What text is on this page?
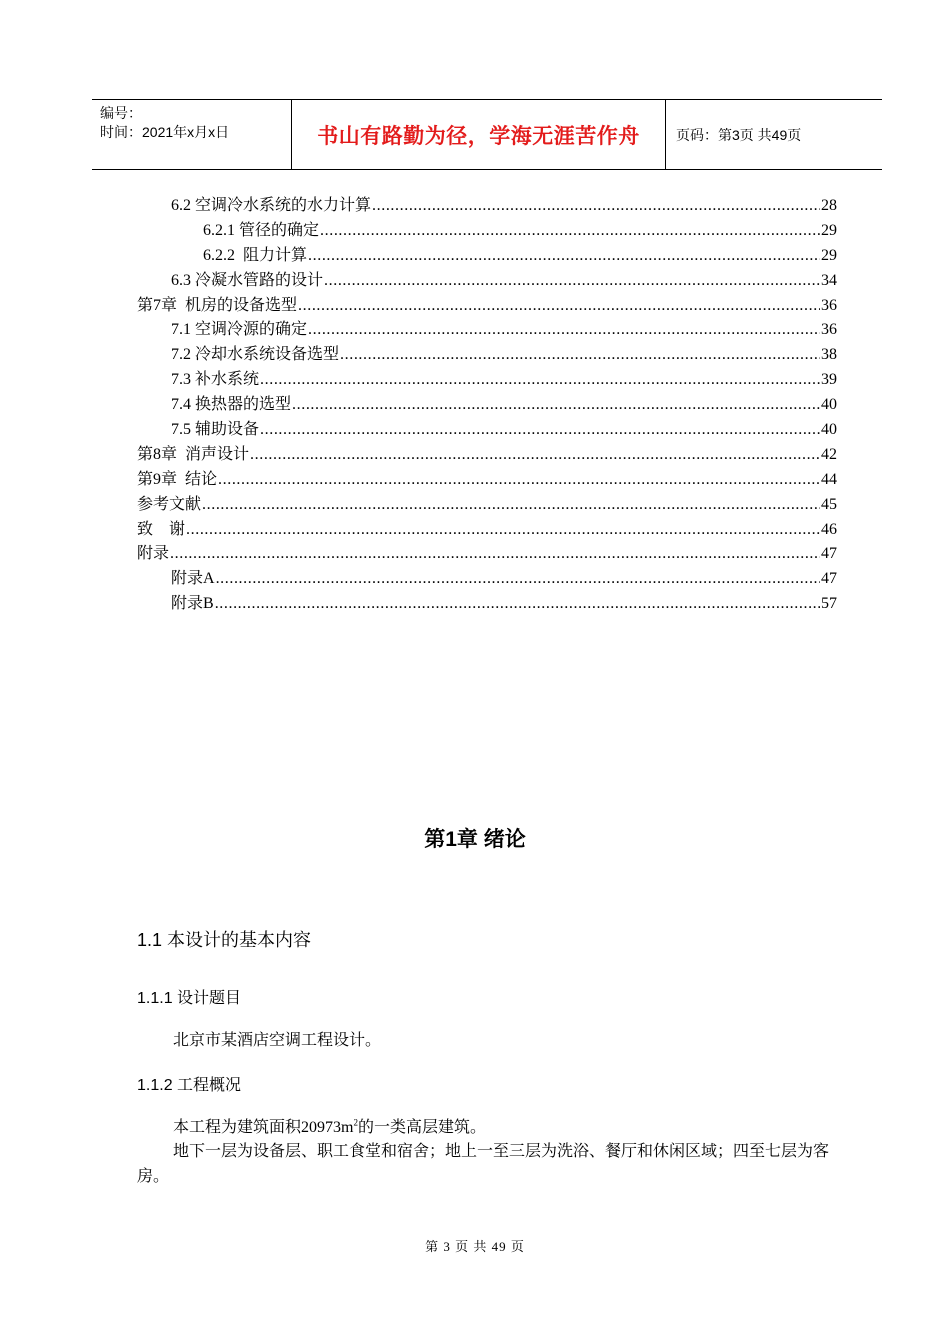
编号：
时间：2021年x月x日	书山有路勤为径，学海无涯苦作舟	页码：第3页 共49页
6.2 空调冷水系统的水力计算 .....	28
6.2.1 管径的确定 .....	29
6.2.2  阻力计算 .....	29
6.3 冷凝水管路的设计 .....	34
第7章  机房的设备选型 .....	36
7.1 空调冷源的确定 .....	36
7.2 冷却水系统设备选型 .....	38
7.3 补水系统 .....	39
7.4 换热器的选型 .....	40
7.5 辅助设备 .....	40
第8章  消声设计 .....	42
第9章  结论 .....	44
参考文献 .....	45
致    谢 .....	46
附录 .....	47
附录A .....	47
附录B .....	57
第1章 绪论
1.1 本设计的基本内容
1.1.1 设计题目
北京市某酒店空调工程设计。
1.1.2 工程概况
本工程为建筑面积$20973m^2$的一类高层建筑。
地下一层为设备层、职工食堂和宿舍；地上一至三层为洗浴、餐厅和休闲区域；四至七层为客房。
第 3 页 共 49 页
